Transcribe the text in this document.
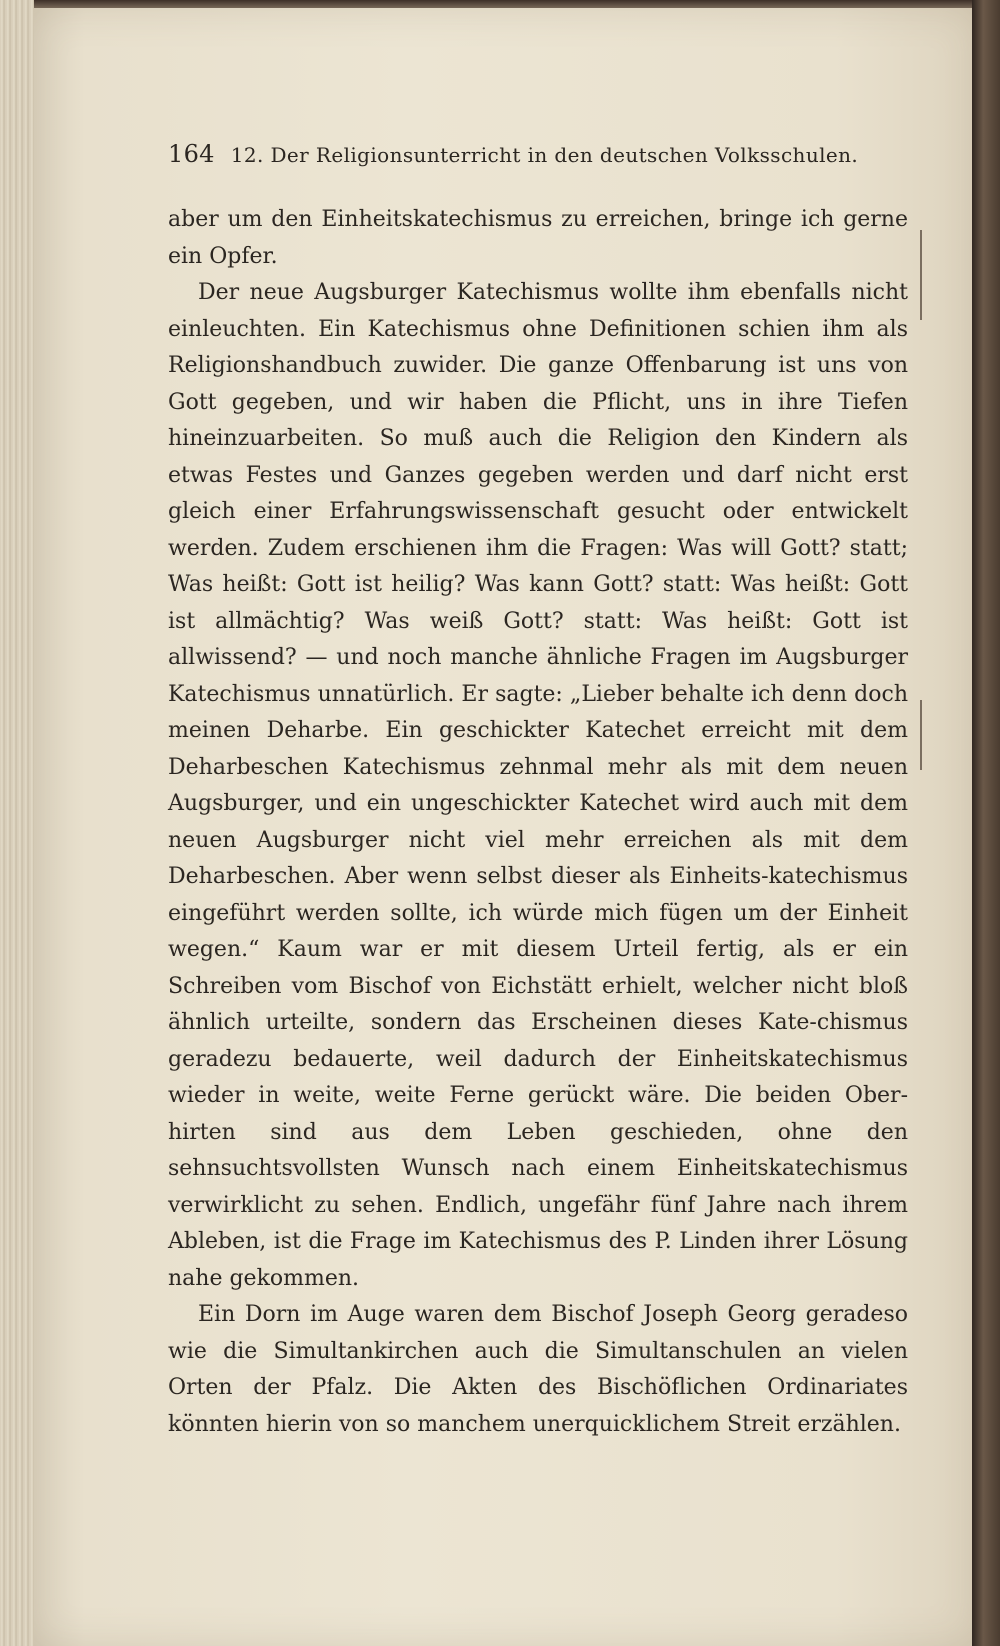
164 12. Der Religionsunterricht in den deutschen Volksschulen.

aber um den Einheitskatechismus zu erreichen, bringe ich gerne ein Opfer.

Der neue Augsburger Katechismus wollte ihm ebenfalls nicht einleuchten. Ein Katechismus ohne Definitionen schien ihm als Religionshandbuch zuwider. Die ganze Offenbarung ist uns von Gott gegeben, und wir haben die Pflicht, uns in ihre Tiefen hineinzuarbeiten. So muß auch die Religion den Kindern als etwas Festes und Ganzes gegeben werden und darf nicht erst gleich einer Erfahrungswissenschaft gesucht oder entwickelt werden. Zudem erschienen ihm die Fragen: Was will Gott? statt; Was heißt: Gott ist heilig? Was kann Gott? statt: Was heißt: Gott ist allmächtig? Was weiß Gott? statt: Was heißt: Gott ist allwissend? — und noch manche ähnliche Fragen im Augsburger Katechismus unnatürlich. Er sagte: „Lieber behalte ich denn doch meinen Deharbe. Ein geschickter Katechet erreicht mit dem Deharbeschen Katechismus zehnmal mehr als mit dem neuen Augsburger, und ein ungeschickter Katechet wird auch mit dem neuen Augsburger nicht viel mehr erreichen als mit dem Deharbeschen. Aber wenn selbst dieser als Einheits-katechismus eingeführt werden sollte, ich würde mich fügen um der Einheit wegen.“ Kaum war er mit diesem Urteil fertig, als er ein Schreiben vom Bischof von Eichstätt erhielt, welcher nicht bloß ähnlich urteilte, sondern das Erscheinen dieses Kate-chismus geradezu bedauerte, weil dadurch der Einheitskatechismus wieder in weite, weite Ferne gerückt wäre. Die beiden Ober-hirten sind aus dem Leben geschieden, ohne den sehnsuchtsvollsten Wunsch nach einem Einheitskatechismus verwirklicht zu sehen. Endlich, ungefähr fünf Jahre nach ihrem Ableben, ist die Frage im Katechismus des P. Linden ihrer Lösung nahe gekommen.

Ein Dorn im Auge waren dem Bischof Joseph Georg geradeso wie die Simultankirchen auch die Simultanschulen an vielen Orten der Pfalz. Die Akten des Bischöflichen Ordinariates könnten hierin von so manchem unerquicklichem Streit erzählen.
